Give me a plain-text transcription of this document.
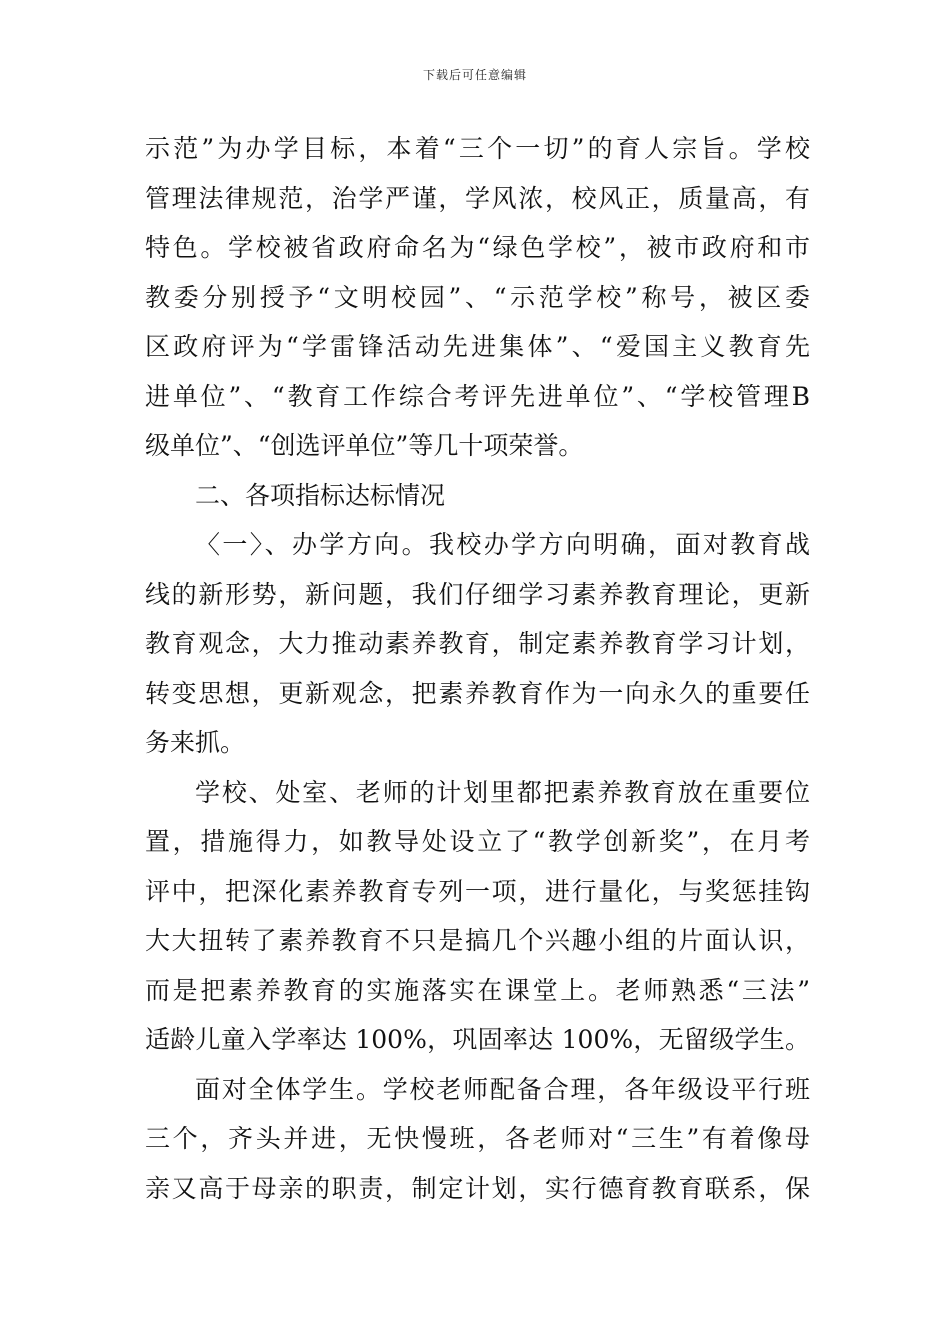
下载后可任意编辑
示范”为办学目标，本着“三个一切”的育人宗旨。学校
管理法律规范，治学严谨，学风浓，校风正，质量高，有
特色。学校被省政府命名为“绿色学校”，被市政府和市
教委分别授予“文明校园”、“示范学校”称号，被区委
区政府评为“学雷锋活动先进集体”、“爱国主义教育先
进单位”、“教育工作综合考评先进单位”、“学校管理B
级单位”、“创选评单位”等几十项荣誉。
二、各项指标达标情况
〈一〉、办学方向。我校办学方向明确，面对教育战
线的新形势，新问题，我们仔细学习素养教育理论，更新
教育观念，大力推动素养教育，制定素养教育学习计划，
转变思想，更新观念，把素养教育作为一向永久的重要任
务来抓。
学校、处室、老师的计划里都把素养教育放在重要位
置，措施得力，如教导处设立了“教学创新奖”，在月考
评中，把深化素养教育专列一项，进行量化，与奖惩挂钩
大大扭转了素养教育不只是搞几个兴趣小组的片面认识，
而是把素养教育的实施落实在课堂上。老师熟悉“三法”
适龄儿童入学率达 100%，巩固率达 100%，无留级学生。
面对全体学生。学校老师配备合理，各年级设平行班
三个，齐头并进，无快慢班，各老师对“三生”有着像母
亲又高于母亲的职责，制定计划，实行德育教育联系，保
